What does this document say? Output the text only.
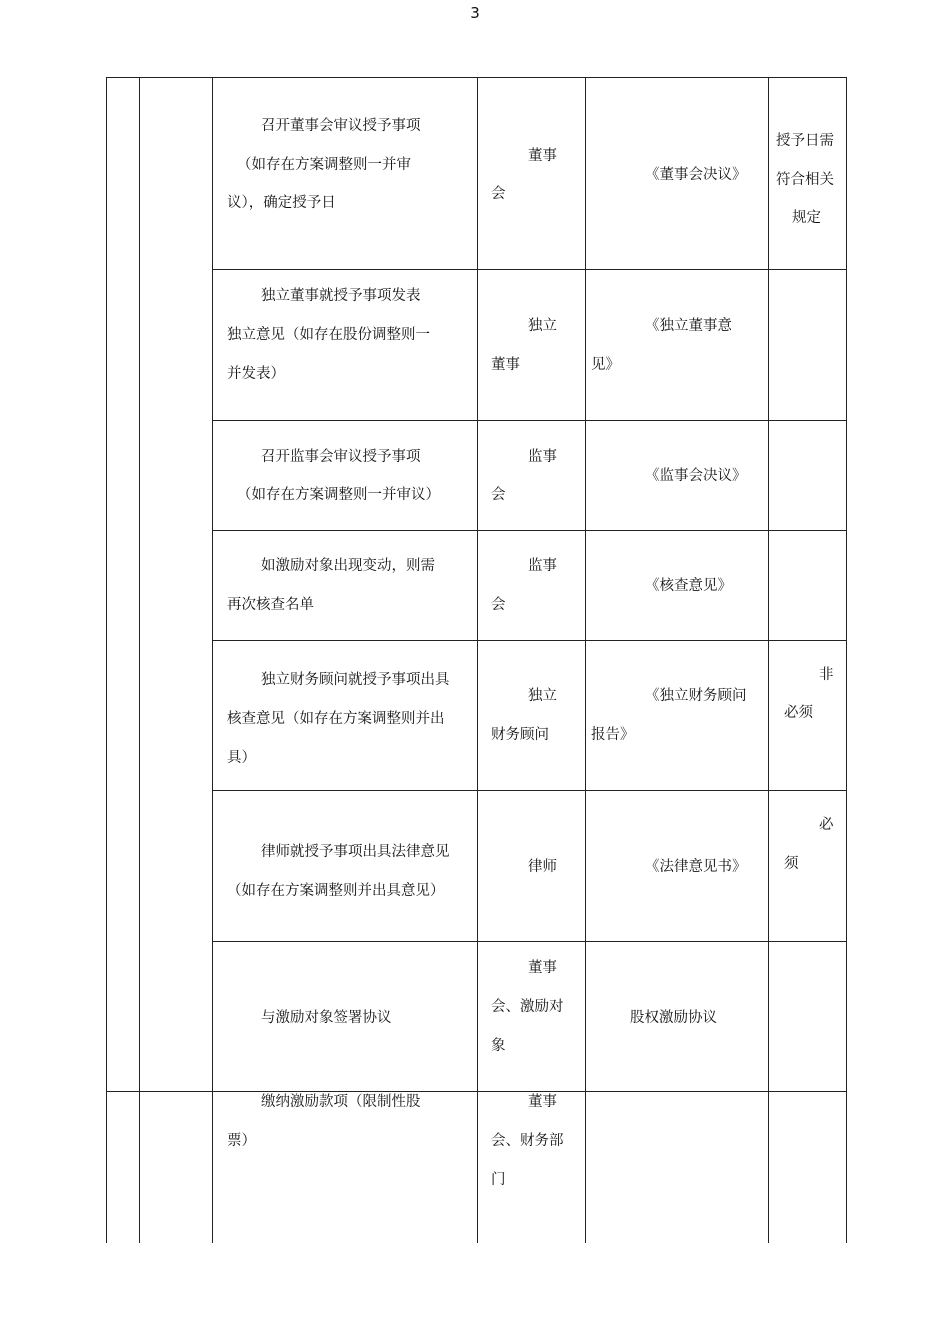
3
召开董事会审议授予事项
（如存在方案调整则一并审
议），确定授予日
董事
会
《董事会决议》
授予日需
符合相关
规定
独立董事就授予事项发表
独立意见（如存在股份调整则一
并发表）
独立
董事
《独立董事意
见》
召开监事会审议授予事项
（如存在方案调整则一并审议）
监事
会
《监事会决议》
如激励对象出现变动，则需
再次核查名单
监事
会
《核查意见》
独立财务顾问就授予事项出具
核查意见（如存在方案调整则并出
具）
独立
财务顾问
《独立财务顾问
报告》
非
必须
律师就授予事项出具法律意见
（如存在方案调整则并出具意见）
律师	《法律意见书》
必
须
与激励对象签署协议
董事
会、激励对
象
股权激励协议
缴纳激励款项（限制性股
票）
董事
会、财务部
门
